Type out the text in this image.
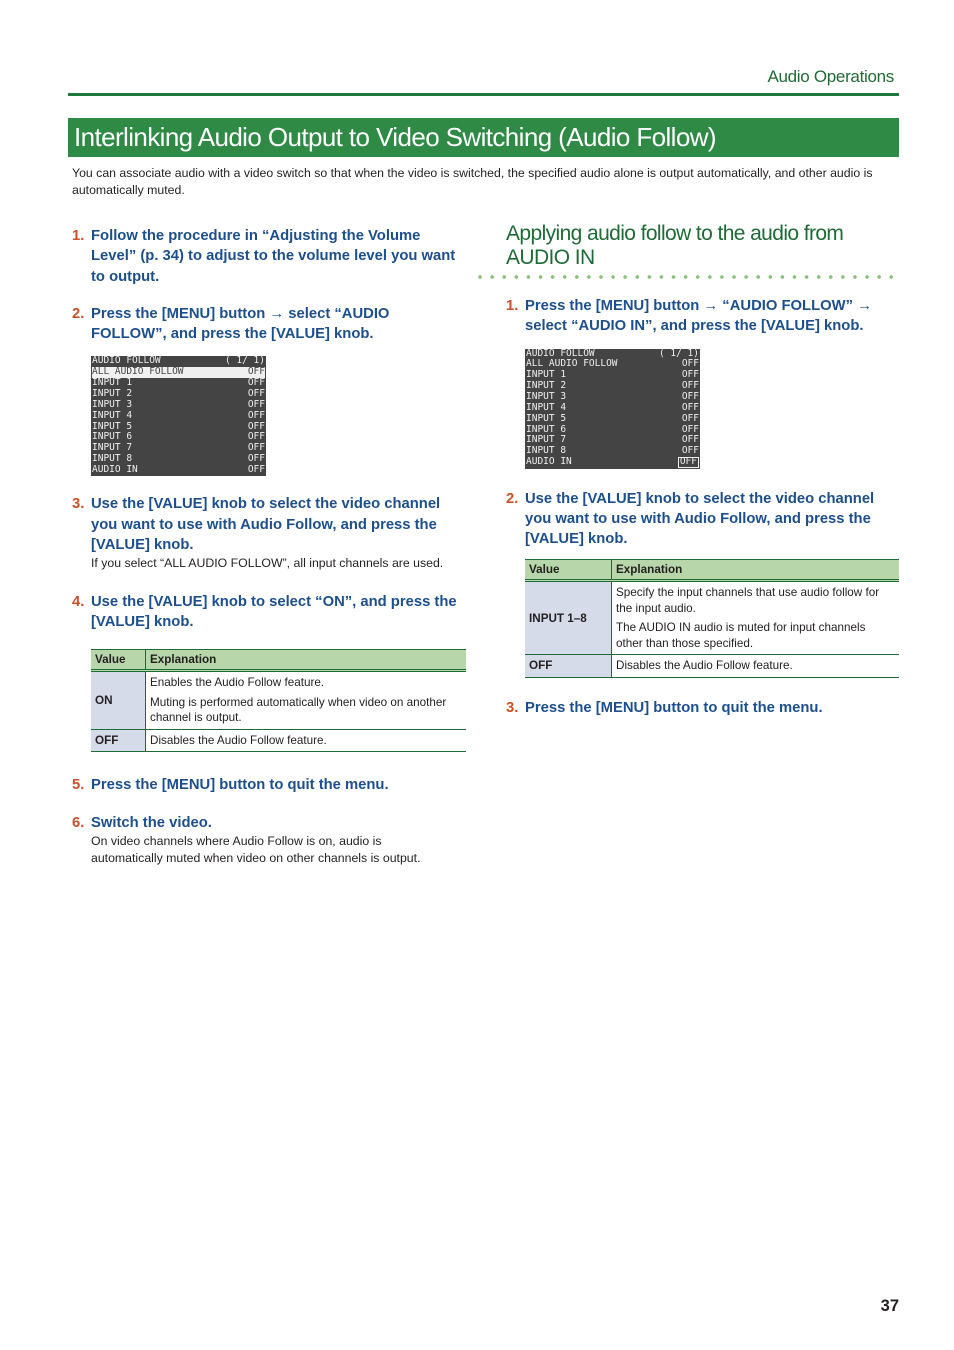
Audio Operations
Interlinking Audio Output to Video Switching (Audio Follow)
You can associate audio with a video switch so that when the video is switched, the specified audio alone is output automatically, and other audio is automatically muted.
1. Follow the procedure in “Adjusting the Volume Level” (p. 34) to adjust to the volume level you want to output.
2. Press the [MENU] button → select “AUDIO FOLLOW”, and press the [VALUE] knob.
AUDIO FOLLOW	( 1/ 1)
ALL AUDIO FOLLOW	OFF
INPUT 1	OFF
INPUT 2	OFF
INPUT 3	OFF
INPUT 4	OFF
INPUT 5	OFF
INPUT 6	OFF
INPUT 7	OFF
INPUT 8	OFF
AUDIO IN	OFF
3. Use the [VALUE] knob to select the video channel you want to use with Audio Follow, and press the [VALUE] knob.
If you select “ALL AUDIO FOLLOW”, all input channels are used.
4. Use the [VALUE] knob to select “ON”, and press the [VALUE] knob.
Value	Explanation
ON	Enables the Audio Follow feature.

Muting is performed automatically when video on another channel is output.

OFF	Disables the Audio Follow feature.
5. Press the [MENU] button to quit the menu.
6. Switch the video.
On video channels where Audio Follow is on, audio is automatically muted when video on other channels is output.
Applying audio follow to the audio from AUDIO IN
1. Press the [MENU] button → “AUDIO FOLLOW” → select “AUDIO IN”, and press the [VALUE] knob.
AUDIO FOLLOW	( 1/ 1)
ALL AUDIO FOLLOW	OFF
INPUT 1	OFF
INPUT 2	OFF
INPUT 3	OFF
INPUT 4	OFF
INPUT 5	OFF
INPUT 6	OFF
INPUT 7	OFF
INPUT 8	OFF
AUDIO IN	OFF
2. Use the [VALUE] knob to select the video channel you want to use with Audio Follow, and press the [VALUE] knob.
Value	Explanation
INPUT 1–8	Specify the input channels that use audio follow for the input audio.

The AUDIO IN audio is muted for input channels other than those specified.

OFF	Disables the Audio Follow feature.
3. Press the [MENU] button to quit the menu.
37
